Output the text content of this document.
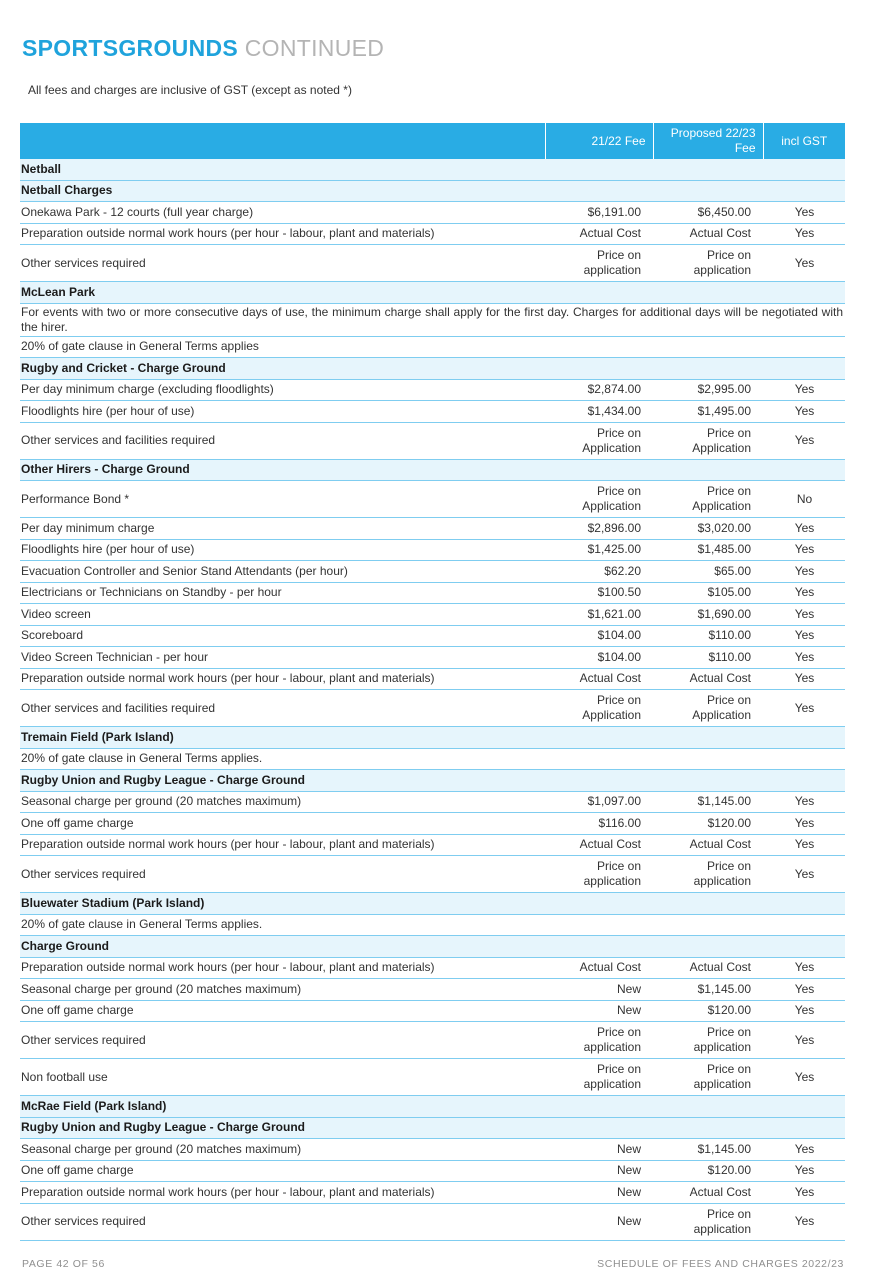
SPORTSGROUNDS CONTINUED
All fees and charges are inclusive of GST (except as noted *)
	21/22 Fee	Proposed 22/23 Fee	incl GST
Netball			
Netball Charges			
Onekawa Park - 12 courts (full year charge)	$6,191.00	$6,450.00	Yes
Preparation outside normal work hours (per hour - labour, plant and materials)	Actual Cost	Actual Cost	Yes
Other services required	Price on application	Price on application	Yes
McLean Park			
For events with two or more consecutive days of use, the minimum charge shall apply for the first day. Charges for additional days will be negotiated with the hirer.			
20% of gate clause in General Terms applies			
Rugby and Cricket - Charge Ground			
Per day minimum charge (excluding floodlights)	$2,874.00	$2,995.00	Yes
Floodlights hire (per hour of use)	$1,434.00	$1,495.00	Yes
Other services and facilities required	Price on Application	Price on Application	Yes
Other Hirers - Charge Ground			
Performance Bond *	Price on Application	Price on Application	No
Per day minimum charge	$2,896.00	$3,020.00	Yes
Floodlights hire (per hour of use)	$1,425.00	$1,485.00	Yes
Evacuation Controller and Senior Stand Attendants (per hour)	$62.20	$65.00	Yes
Electricians or Technicians on Standby - per hour	$100.50	$105.00	Yes
Video screen	$1,621.00	$1,690.00	Yes
Scoreboard	$104.00	$110.00	Yes
Video Screen Technician - per hour	$104.00	$110.00	Yes
Preparation outside normal work hours (per hour - labour, plant and materials)	Actual Cost	Actual Cost	Yes
Other services and facilities required	Price on Application	Price on Application	Yes
Tremain Field (Park Island)			
20% of gate clause in General Terms applies.			
Rugby Union and Rugby League - Charge Ground			
Seasonal charge per ground (20 matches maximum)	$1,097.00	$1,145.00	Yes
One off game charge	$116.00	$120.00	Yes
Preparation outside normal work hours (per hour - labour, plant and materials)	Actual Cost	Actual Cost	Yes
Other services required	Price on application	Price on application	Yes
Bluewater Stadium (Park Island)			
20% of gate clause in General Terms applies.			
Charge Ground			
Preparation outside normal work hours (per hour - labour, plant and materials)	Actual Cost	Actual Cost	Yes
Seasonal charge per ground (20 matches maximum)	New	$1,145.00	Yes
One off game charge	New	$120.00	Yes
Other services required	Price on application	Price on application	Yes
Non football use	Price on application	Price on application	Yes
McRae Field (Park Island)			
Rugby Union and Rugby League - Charge Ground			
Seasonal charge per ground (20 matches maximum)	New	$1,145.00	Yes
One off game charge	New	$120.00	Yes
Preparation outside normal work hours (per hour - labour, plant and materials)	New	Actual Cost	Yes
Other services required	New	Price on application	Yes
PAGE 42 OF 56	SCHEDULE OF FEES AND CHARGES 2022/23
